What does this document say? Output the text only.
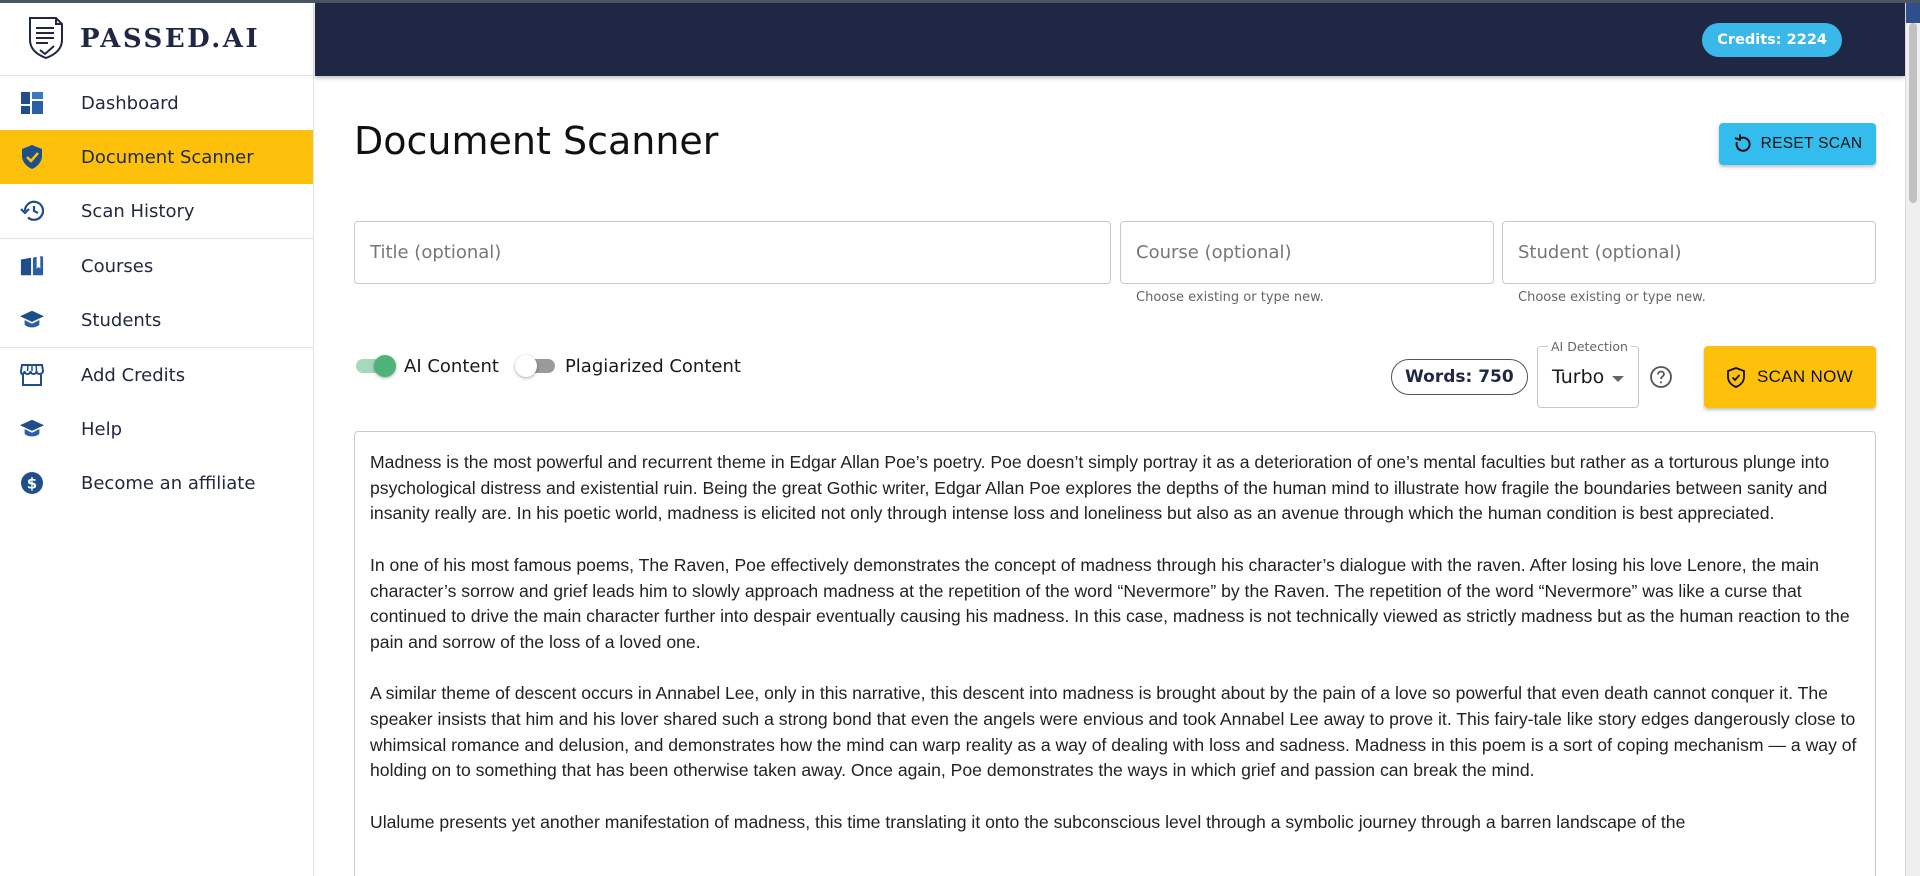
PASSED.AI
Dashboard
Document Scanner
Scan History
Courses
Students
Add Credits
Help
$ Become an affiliate
Credits: 2224
Document Scanner	RESET SCAN
Title (optional)
Course (optional)
Choose existing or type new.
Student (optional)	Choose existing or type new.
AI Content	Plagiarized Content
Words: 750
AI Detection
Turbo	SCAN NOW

Madness is the most powerful and recurrent theme in Edgar Allan Poe’s poetry. Poe doesn’t simply portray it as a deterioration of one’s mental faculties but rather as a torturous plunge into psychological distress and existential ruin. Being the great Gothic writer, Edgar Allan Poe explores the depths of the human mind to illustrate how fragile the boundaries between sanity and insanity really are. In his poetic world, madness is elicited not only through intense loss and loneliness but also as an avenue through which the human condition is best appreciated.

In one of his most famous poems, The Raven, Poe effectively demonstrates the concept of madness through his character’s dialogue with the raven. After losing his love Lenore, the main character’s sorrow and grief leads him to slowly approach madness at the repetition of the word “Nevermore” by the Raven. The repetition of the word “Nevermore” was like a curse that continued to drive the main character further into despair eventually causing his madness. In this case, madness is not technically viewed as strictly madness but as the human reaction to the pain and sorrow of the loss of a loved one.

A similar theme of descent occurs in Annabel Lee, only in this narrative, this descent into madness is brought about by the pain of a love so powerful that even death cannot conquer it. The speaker insists that him and his lover shared such a strong bond that even the angels were envious and took Annabel Lee away to prove it. This fairy-tale like story edges dangerously close to whimsical romance and delusion, and demonstrates how the mind can warp reality as a way of dealing with loss and sadness. Madness in this poem is a sort of coping mechanism — a way of holding on to something that has been otherwise taken away. Once again, Poe demonstrates the ways in which grief and passion can break the mind.

Ulalume presents yet another manifestation of madness, this time translating it onto the subconscious level through a symbolic journey through a barren landscape of the
